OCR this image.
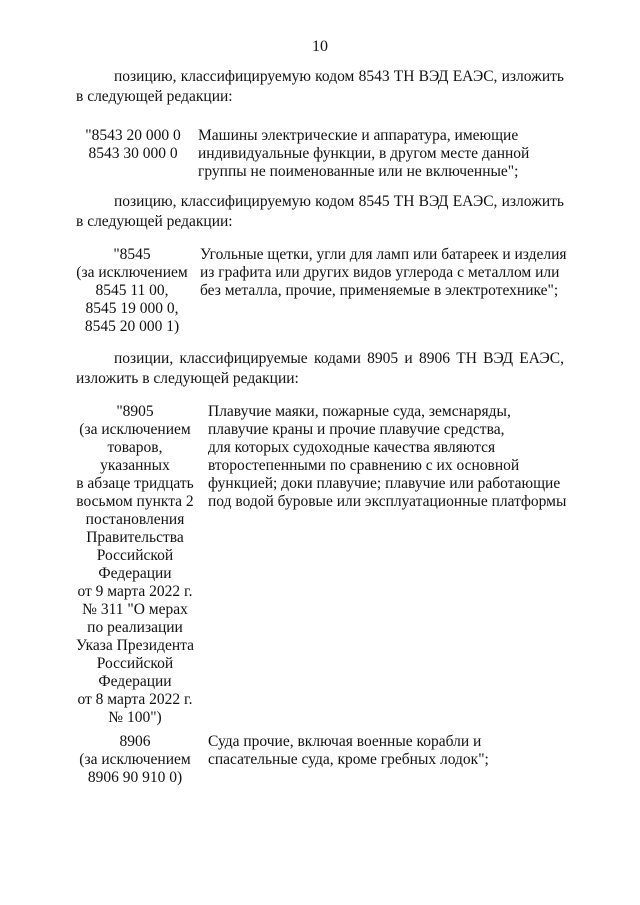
10

позицию, классифицируемую кодом 8543 ТН ВЭД ЕАЭС, изложить в следующей редакции:

"8543 20 000 0
8543 30 000 0
Машины электрические и аппаратура, имеющие
индивидуальные функции, в другом месте данной
группы не поименованные или не включенные";

позицию, классифицируемую кодом 8545 ТН ВЭД ЕАЭС, изложить в следующей редакции:

"8545
(за исключением
8545 11 00,
8545 19 000 0,
8545 20 000 1)
Угольные щетки, угли для ламп или батареек и изделия
из графита или других видов углерода с металлом или
без металла, прочие, применяемые в электротехнике";

позиции, классифицируемые кодами 8905 и 8906 ТН ВЭД ЕАЭС, изложить в следующей редакции:

"8905
(за исключением
товаров,
указанных
в абзаце тридцать
восьмом пункта 2
постановления
Правительства
Российской
Федерации
от 9 марта 2022 г.
№ 311 "О мерах
по реализации
Указа Президента
Российской
Федерации
от 8 марта 2022 г.
№ 100")
Плавучие маяки, пожарные суда, земснаряды,
плавучие краны и прочие плавучие средства,
для которых судоходные качества являются
второстепенными по сравнению с их основной
функцией; доки плавучие; плавучие или работающие
под водой буровые или эксплуатационные платформы
8906
(за исключением
8906 90 910 0)
Суда прочие, включая военные корабли и
спасательные суда, кроме гребных лодок";
